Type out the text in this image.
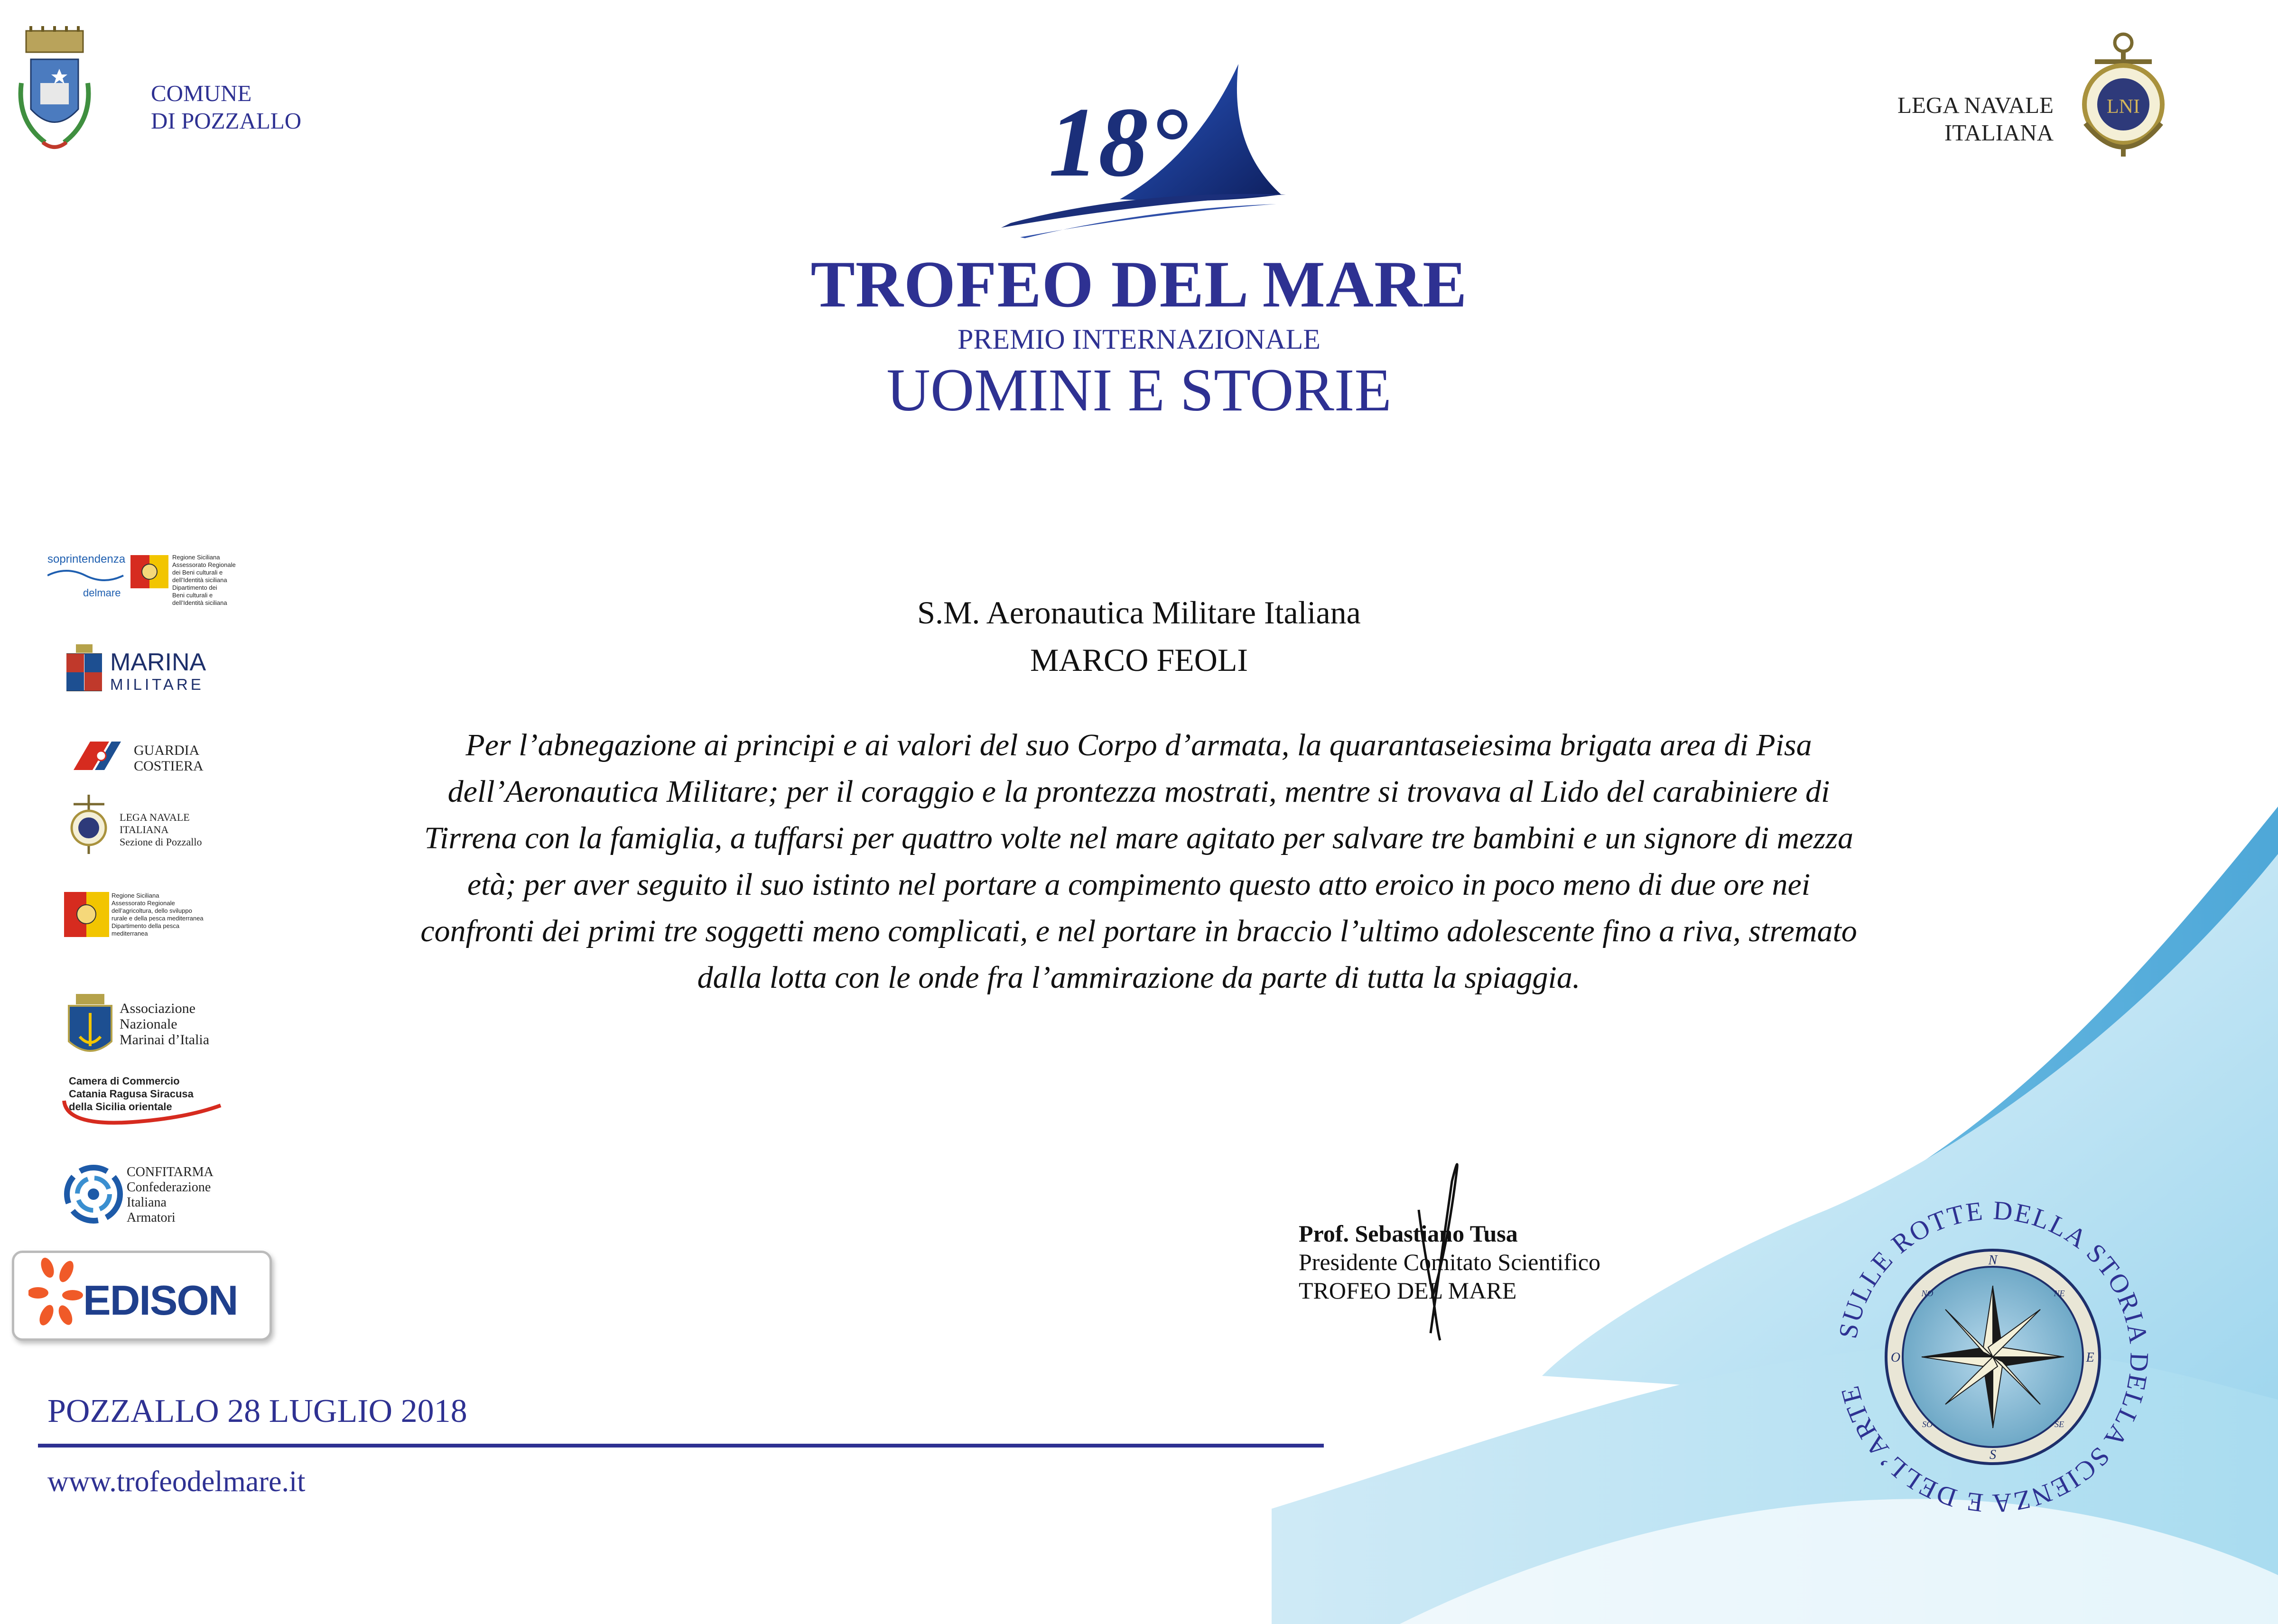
COMUNE
DI POZZALLO
LEGA NAVALE
ITALIANA
LNI
18°
TROFEO DEL MARE
PREMIO INTERNAZIONALE
UOMINI E STORIE
S.M. Aeronautica Militare Italiana
MARCO FEOLI
Per l’abnegazione ai principi e ai valori del suo Corpo d’armata, la quarantaseiesima brigata area di Pisa
dell’Aeronautica Militare; per il coraggio e la prontezza mostrati, mentre si trovava al Lido del carabiniere di
Tirrena con la famiglia, a tuffarsi per quattro volte nel mare agitato per salvare tre bambini e un signore di mezza
età; per aver seguito il suo istinto nel portare a compimento questo atto eroico in poco meno di due ore nei
confronti dei primi tre soggetti meno complicati, e nel portare in braccio l’ultimo adolescente fino a riva, stremato
dalla lotta con le onde fra l’ammirazione da parte di tutta la spiaggia.
soprintendenza
delmare
Regione Siciliana
Assessorato Regionale
dei Beni culturali e
dell’Identità siciliana
Dipartimento dei
Beni culturali e
dell’Identità siciliana
MARINA
MILITARE
GUARDIA
COSTIERA
LEGA NAVALE
ITALIANA
Sezione di Pozzallo
Regione Siciliana
Assessorato Regionale
dell’agricoltura, dello sviluppo
rurale e della pesca mediterranea
Dipartimento della pesca
mediterranea
Associazione
Nazionale
Marinai d’Italia
Camera di Commercio
Catania Ragusa Siracusa
della Sicilia orientale
CONFITARMA
Confederazione
Italiana
Armatori
EDISON
Prof. Sebastiano Tusa
Presidente Comitato Scientifico
TROFEO DEL MARE
N
S
E
O
NE
NO
SE
SO
SULLE ROTTE DELLA STORIA DELLA SCIENZA E DELL’ARTE
POZZALLO 28 LUGLIO 2018
www.trofeodelmare.it
